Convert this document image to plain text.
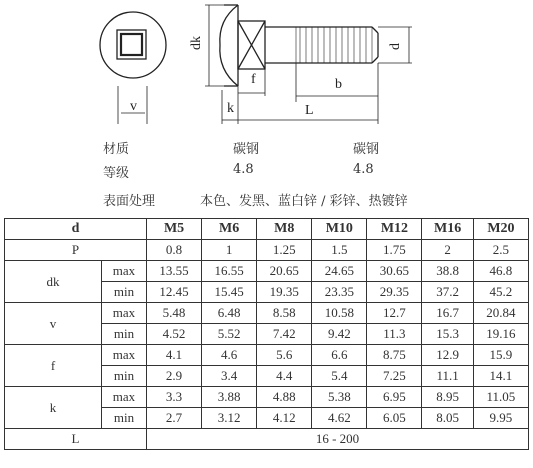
v
dk	d
f	b
k	L
材质	碳钢	碳钢
等级	4.8	4.8
表面处理	本色、发黑、蓝白锌 / 彩锌、热镀锌
d		M5	M6	M8	M10	M12	M16	M20
P		0.8	1	1.25	1.5	1.75	2	2.5
dk	max	13.55	16.55	20.65	24.65	30.65	38.8	46.8
	min	12.45	15.45	19.35	23.35	29.35	37.2	45.2
v	max	5.48	6.48	8.58	10.58	12.7	16.7	20.84
	min	4.52	5.52	7.42	9.42	11.3	15.3	19.16
f	max	4.1	4.6	5.6	6.6	8.75	12.9	15.9
	min	2.9	3.4	4.4	5.4	7.25	11.1	14.1
k	max	3.3	3.88	4.88	5.38	6.95	8.95	11.05
	min	2.7	3.12	4.12	4.62	6.05	8.05	9.95
L		16 - 200						
